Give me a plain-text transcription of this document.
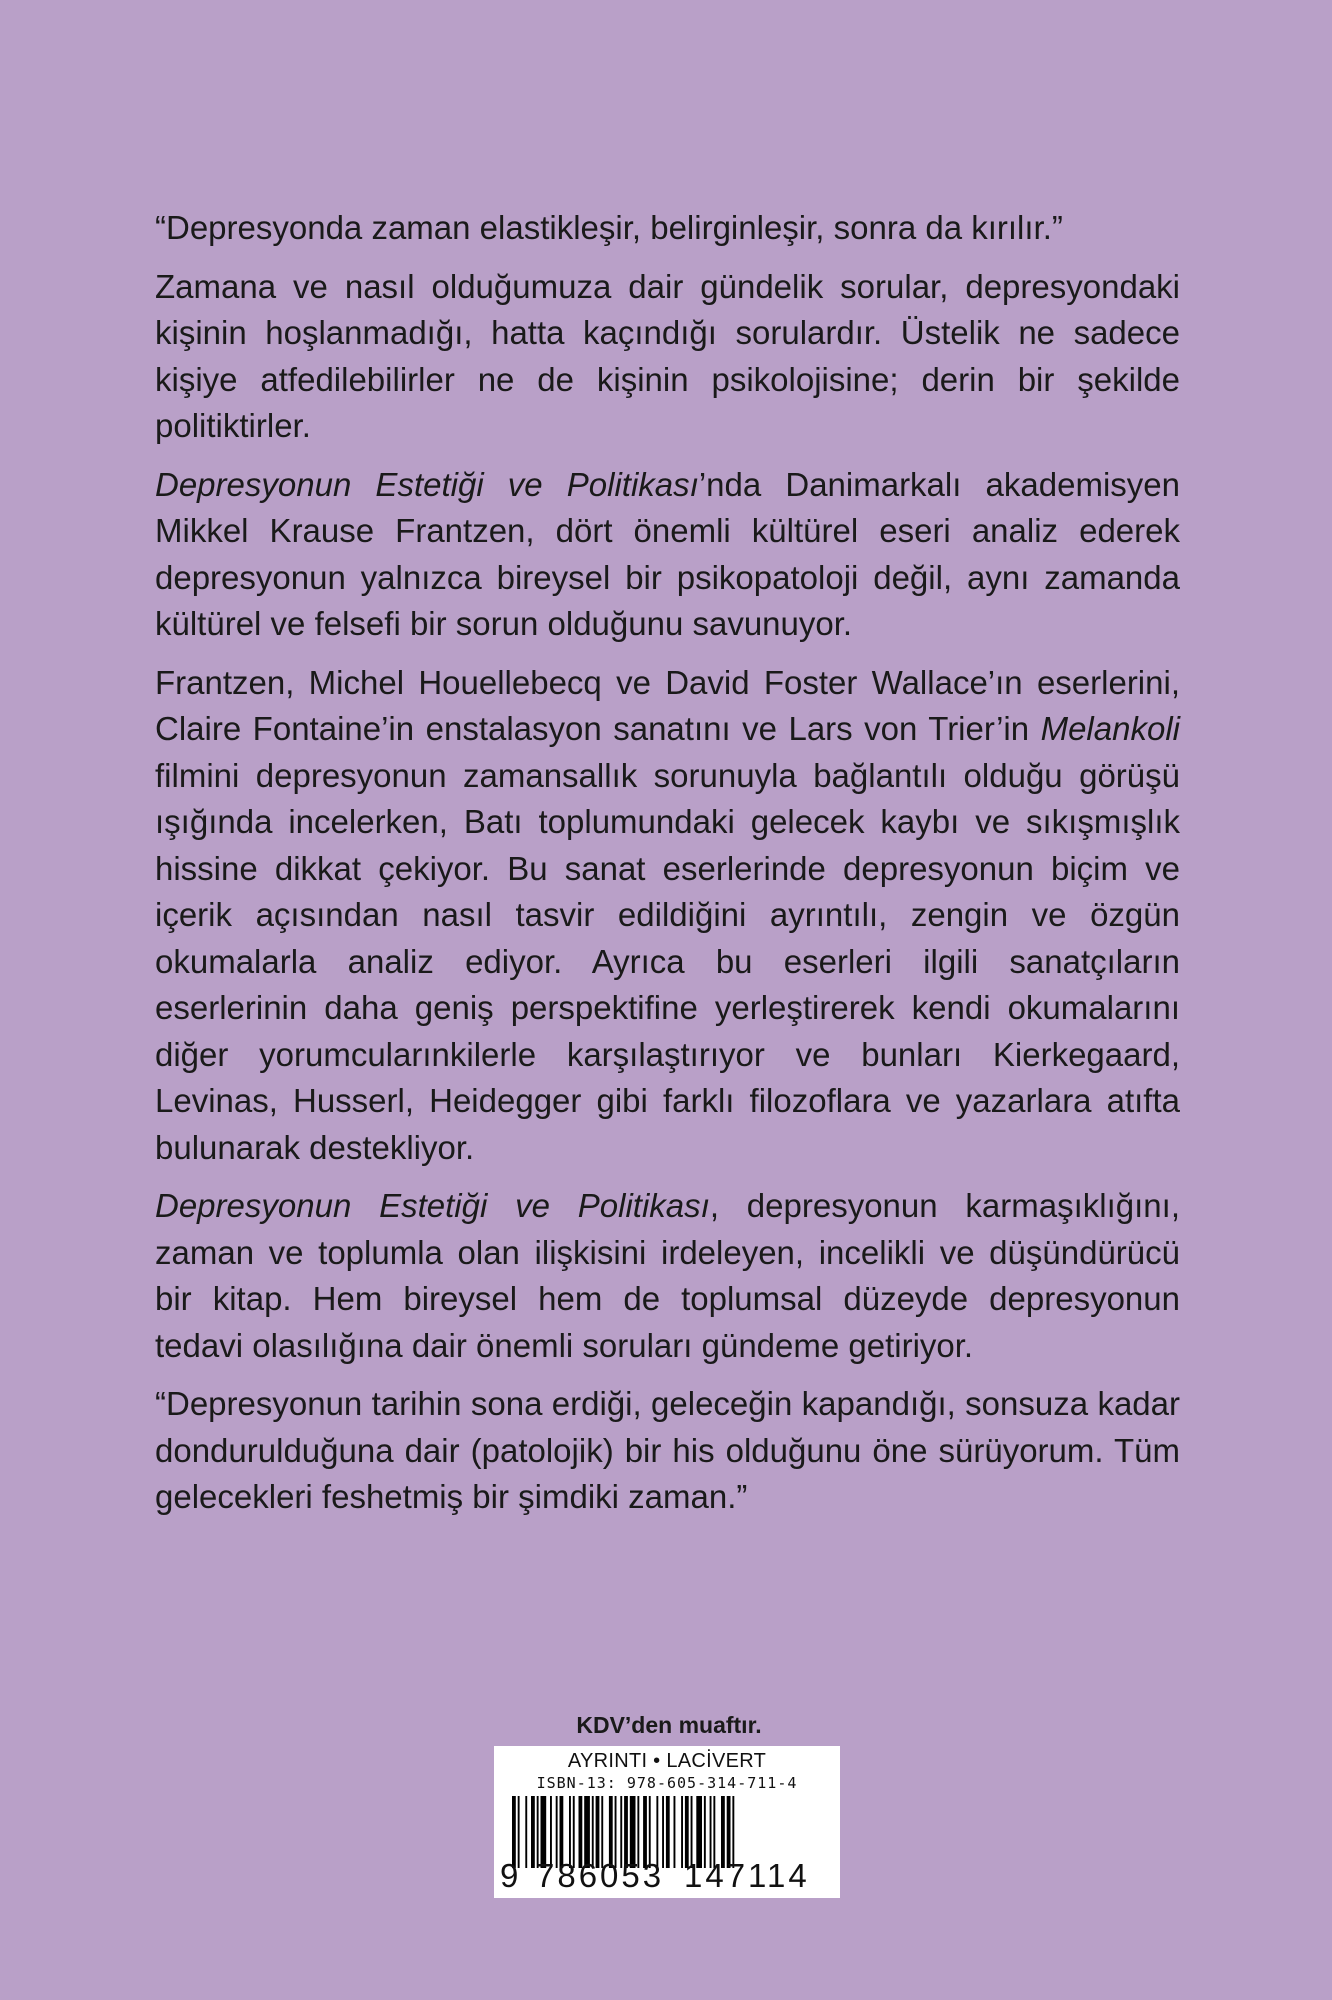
“Depresyonda zaman elastikleşir, belirginleşir, sonra da kırılır.”

Zamana ve nasıl olduğumuza dair gündelik sorular, depresyondaki kişinin hoşlanmadığı, hatta kaçındığı sorulardır. Üstelik ne sadece kişiye atfedilebilirler ne de kişinin psikolojisine; derin bir şekilde politiktirler.

Depresyonun Estetiği ve Politikası’nda Danimarkalı akademisyen Mikkel Krause Frantzen, dört önemli kültürel eseri analiz ederek depresyonun yalnızca bireysel bir psikopatoloji değil, aynı zamanda kültürel ve felsefi bir sorun olduğunu savunuyor.

Frantzen, Michel Houellebecq ve David Foster Wallace’ın eserlerini, Claire Fontaine’in enstalasyon sanatını ve Lars von Trier’in Melankoli filmini depresyonun zamansallık sorunuyla bağlantılı olduğu görüşü ışığında incelerken, Batı toplumundaki gelecek kaybı ve sıkışmışlık hissine dikkat çekiyor. Bu sanat eserlerinde depresyonun biçim ve içerik açısından nasıl tasvir edildiğini ayrıntılı, zengin ve özgün okumalarla analiz ediyor. Ayrıca bu eserleri ilgili sanatçıların eserlerinin daha geniş perspektifine yerleştirerek kendi okumalarını diğer yorumcularınkilerle karşılaştırıyor ve bunları Kierkegaard, Levinas, Husserl, Heidegger gibi farklı filozoflara ve yazarlara atıfta bulunarak destekliyor.

Depresyonun Estetiği ve Politikası, depresyonun karmaşıklığını, zaman ve toplumla olan ilişkisini irdeleyen, incelikli ve düşündürücü bir kitap. Hem bireysel hem de toplumsal düzeyde depresyonun tedavi olasılığına dair önemli soruları gündeme getiriyor.

“Depresyonun tarihin sona erdiği, geleceğin kapandığı, sonsuza kadar dondurulduğuna dair (patolojik) bir his olduğunu öne sürüyorum. Tüm gelecekleri feshetmiş bir şimdiki zaman.”

KDV’den muaftır.
AYRINTI • LACİVERT
ISBN-13: 978-605-314-711-4
9 786053 147114
